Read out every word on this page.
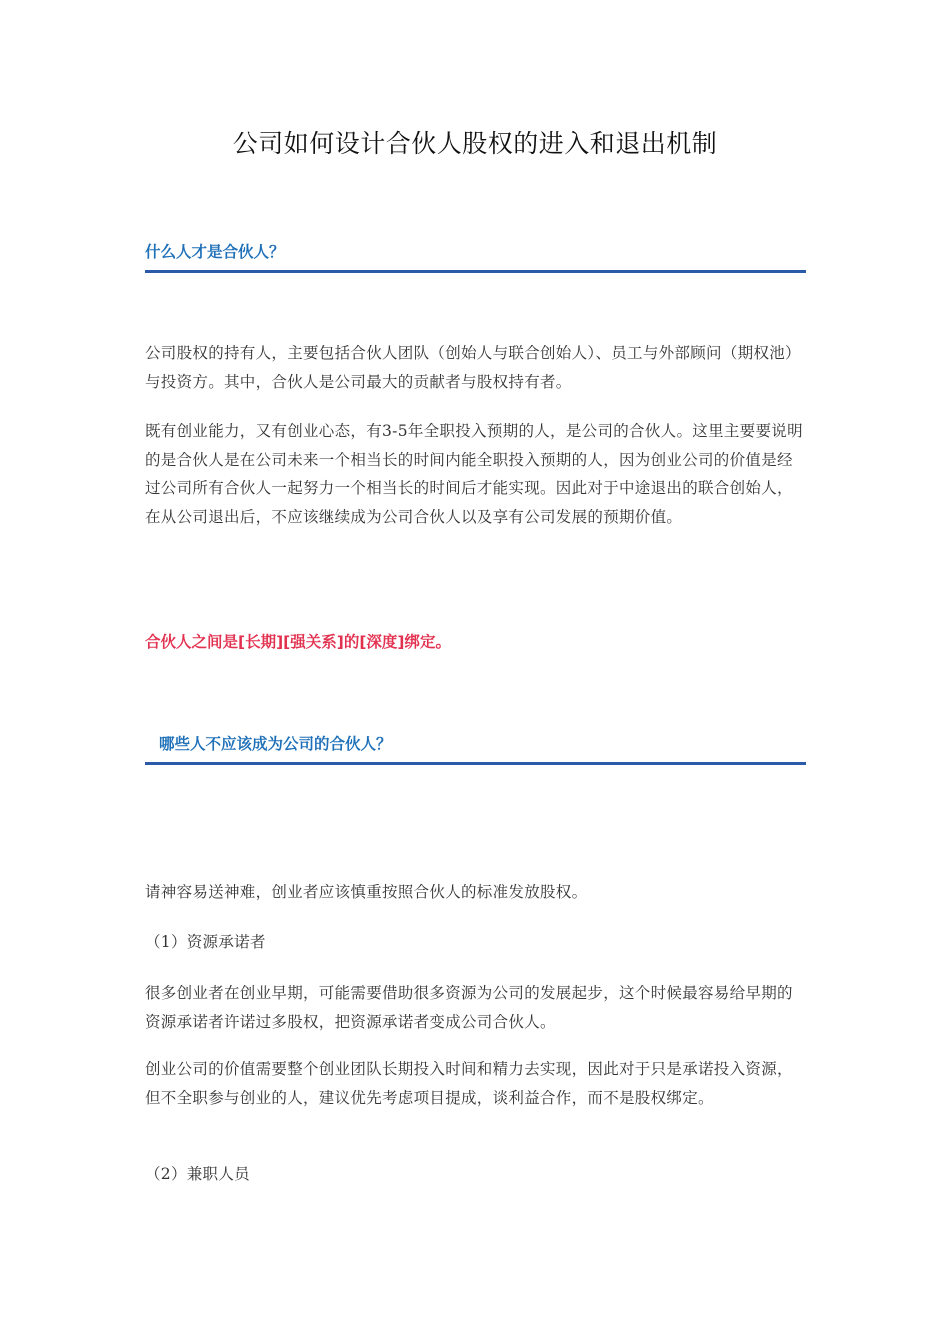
公司如何设计合伙人股权的进入和退出机制
什么人才是合伙人？

公司股权的持有人，主要包括合伙人团队（创始人与联合创始人）、员工与外部顾问（期权池）与投资方。其中，合伙人是公司最大的贡献者与股权持有者。

既有创业能力，又有创业心态，有3-5年全职投入预期的人，是公司的合伙人。这里主要要说明的是合伙人是在公司未来一个相当长的时间内能全职投入预期的人，因为创业公司的价值是经过公司所有合伙人一起努力一个相当长的时间后才能实现。因此对于中途退出的联合创始人，在从公司退出后，不应该继续成为公司合伙人以及享有公司发展的预期价值。

合伙人之间是[长期][强关系]的[深度]绑定。

哪些人不应该成为公司的合伙人？

请神容易送神难，创业者应该慎重按照合伙人的标准发放股权。

（1）资源承诺者

很多创业者在创业早期，可能需要借助很多资源为公司的发展起步，这个时候最容易给早期的资源承诺者许诺过多股权，把资源承诺者变成公司合伙人。

创业公司的价值需要整个创业团队长期投入时间和精力去实现，因此对于只是承诺投入资源，但不全职参与创业的人，建议优先考虑项目提成，谈利益合作，而不是股权绑定。

（2）兼职人员
